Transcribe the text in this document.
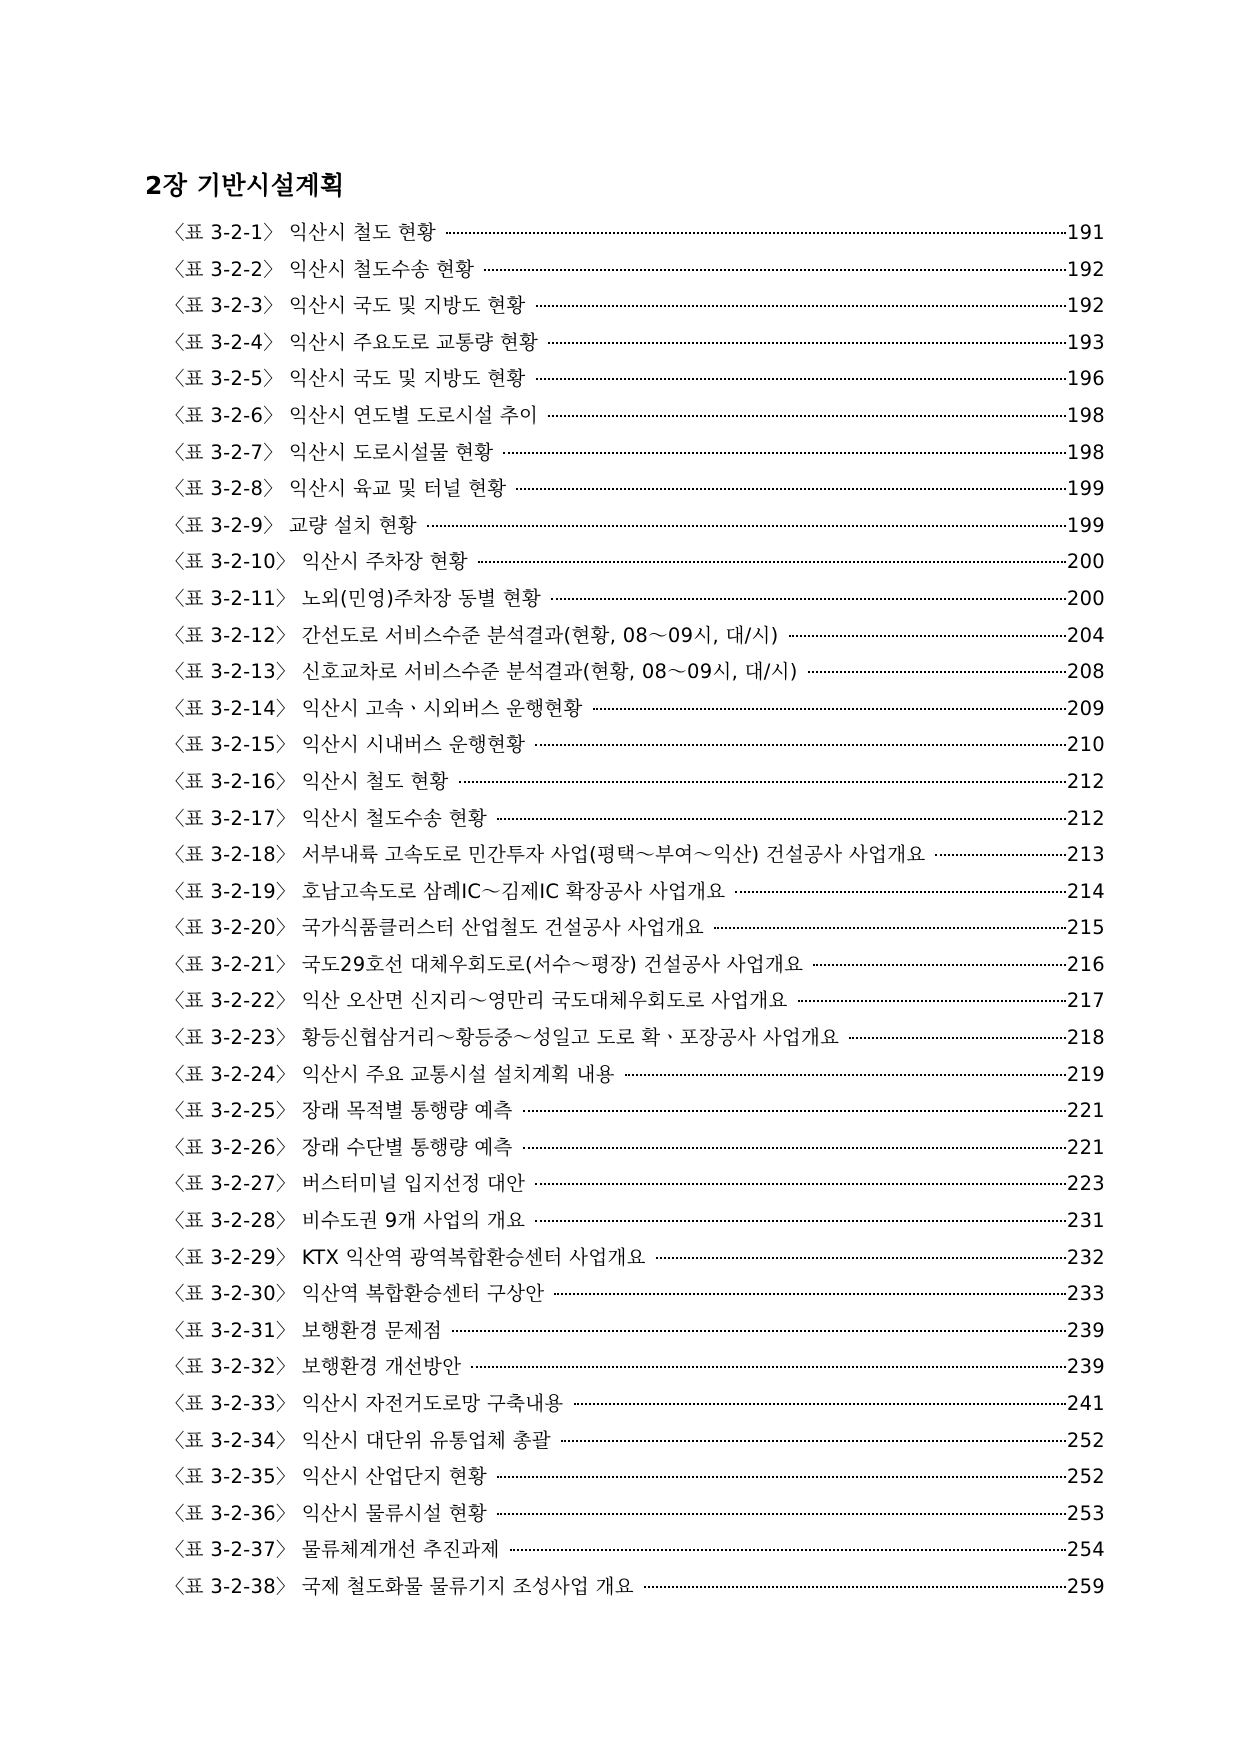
2장 기반시설계획
〈표 3-2-1〉 익산시 철도 현황	191
〈표 3-2-2〉 익산시 철도수송 현황	192
〈표 3-2-3〉 익산시 국도 및 지방도 현황	192
〈표 3-2-4〉 익산시 주요도로 교통량 현황	193
〈표 3-2-5〉 익산시 국도 및 지방도 현황	196
〈표 3-2-6〉 익산시 연도별 도로시설 추이	198
〈표 3-2-7〉 익산시 도로시설물 현황	198
〈표 3-2-8〉 익산시 육교 및 터널 현황	199
〈표 3-2-9〉 교량 설치 현황	199
〈표 3-2-10〉 익산시 주차장 현황	200
〈표 3-2-11〉 노외(민영)주차장 동별 현황	200
〈표 3-2-12〉 간선도로 서비스수준 분석결과(현황, 08～09시, 대/시)	204
〈표 3-2-13〉 신호교차로 서비스수준 분석결과(현황, 08～09시, 대/시)	208
〈표 3-2-14〉 익산시 고속ㆍ시외버스 운행현황	209
〈표 3-2-15〉 익산시 시내버스 운행현황	210
〈표 3-2-16〉 익산시 철도 현황	212
〈표 3-2-17〉 익산시 철도수송 현황	212
〈표 3-2-18〉 서부내륙 고속도로 민간투자 사업(평택～부여～익산) 건설공사 사업개요	213
〈표 3-2-19〉 호남고속도로 삼례IC～김제IC 확장공사 사업개요	214
〈표 3-2-20〉 국가식품클러스터 산업철도 건설공사 사업개요	215
〈표 3-2-21〉 국도29호선 대체우회도로(서수～평장) 건설공사 사업개요	216
〈표 3-2-22〉 익산 오산면 신지리～영만리 국도대체우회도로 사업개요	217
〈표 3-2-23〉 황등신협삼거리～황등중～성일고 도로 확ㆍ포장공사 사업개요	218
〈표 3-2-24〉 익산시 주요 교통시설 설치계획 내용	219
〈표 3-2-25〉 장래 목적별 통행량 예측	221
〈표 3-2-26〉 장래 수단별 통행량 예측	221
〈표 3-2-27〉 버스터미널 입지선정 대안	223
〈표 3-2-28〉 비수도권 9개 사업의 개요	231
〈표 3-2-29〉 KTX 익산역 광역복합환승센터 사업개요	232
〈표 3-2-30〉 익산역 복합환승센터 구상안	233
〈표 3-2-31〉 보행환경 문제점	239
〈표 3-2-32〉 보행환경 개선방안	239
〈표 3-2-33〉 익산시 자전거도로망 구축내용	241
〈표 3-2-34〉 익산시 대단위 유통업체 총괄	252
〈표 3-2-35〉 익산시 산업단지 현황	252
〈표 3-2-36〉 익산시 물류시설 현황	253
〈표 3-2-37〉 물류체계개선 추진과제	254
〈표 3-2-38〉 국제 철도화물 물류기지 조성사업 개요	259
